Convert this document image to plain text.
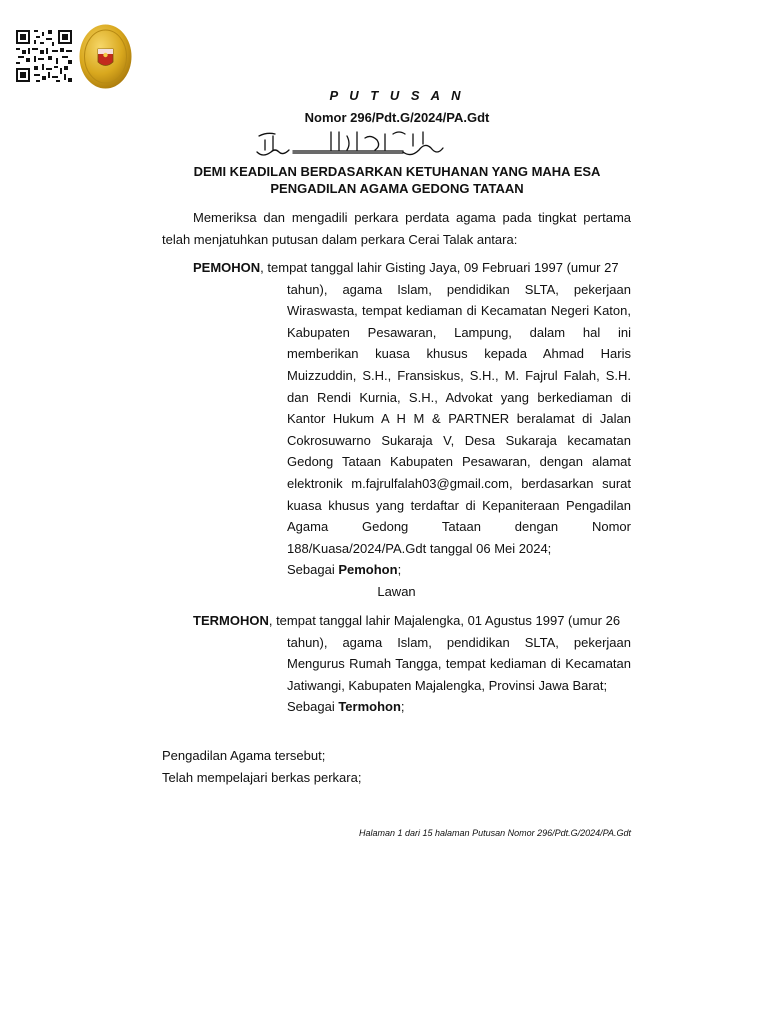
P U T U S A N
Nomor 296/Pdt.G/2024/PA.Gdt
DEMI KEADILAN BERDASARKAN KETUHANAN YANG MAHA ESA
PENGADILAN AGAMA GEDONG TATAAN
Memeriksa dan mengadili perkara perdata agama pada tingkat pertama telah menjatuhkan putusan dalam perkara Cerai Talak antara:
PEMOHON, tempat tanggal lahir Gisting Jaya, 09 Februari 1997 (umur 27
tahun), agama Islam, pendidikan SLTA, pekerjaan Wiraswasta, tempat kediaman di Kecamatan Negeri Katon, Kabupaten Pesawaran, Lampung, dalam hal ini memberikan kuasa khusus kepada Ahmad Haris Muizzuddin, S.H., Fransiskus, S.H., M. Fajrul Falah, S.H. dan Rendi Kurnia, S.H., Advokat yang berkediaman di Kantor Hukum A H M & PARTNER beralamat di Jalan Cokrosuwarno Sukaraja V, Desa Sukaraja kecamatan Gedong Tataan Kabupaten Pesawaran, dengan alamat elektronik m.fajrulfalah03@gmail.com, berdasarkan surat kuasa khusus yang terdaftar di Kepaniteraan Pengadilan Agama Gedong Tataan dengan Nomor 188/Kuasa/2024/PA.Gdt tanggal 06 Mei 2024;
Sebagai Pemohon;
Lawan
TERMOHON, tempat tanggal lahir Majalengka, 01 Agustus 1997 (umur 26
tahun), agama Islam, pendidikan SLTA, pekerjaan Mengurus Rumah Tangga, tempat kediaman di Kecamatan Jatiwangi, Kabupaten Majalengka, Provinsi Jawa Barat;
Sebagai Termohon;
Pengadilan Agama tersebut;
Telah mempelajari berkas perkara;
Halaman 1 dari 15 halaman Putusan Nomor 296/Pdt.G/2024/PA.Gdt
